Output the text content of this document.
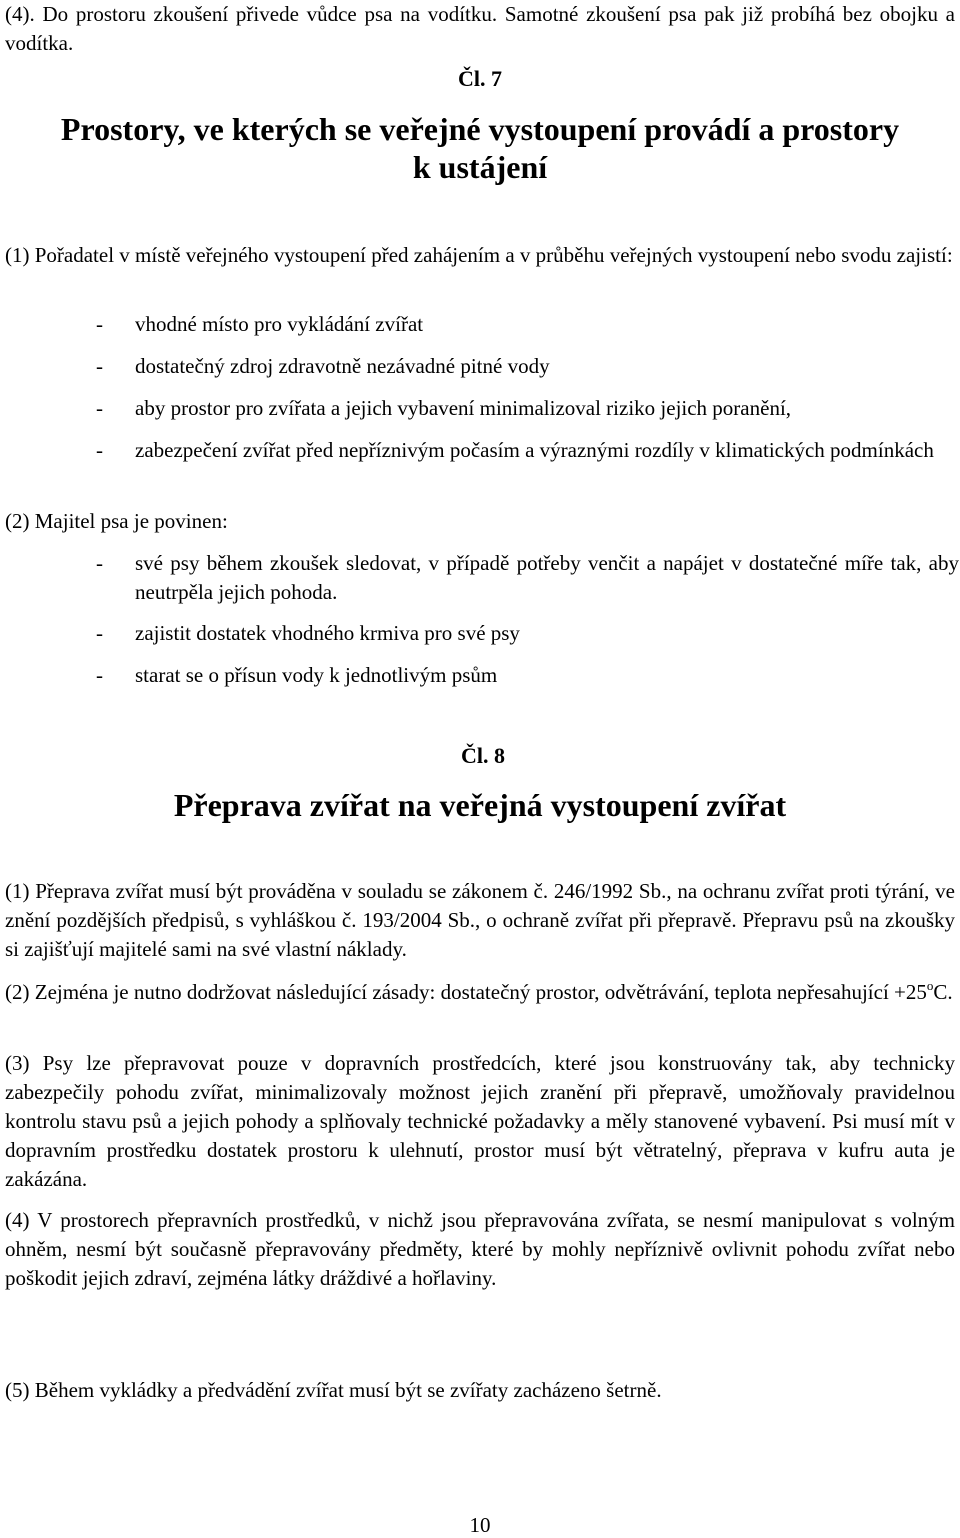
(4). Do prostoru zkoušení přivede vůdce psa na vodítku. Samotné zkoušení psa pak již probíhá bez obojku a vodítka.

Čl. 7
Prostory, ve kterých se veřejné vystoupení provádí a prostory
k ustájení

(1) Pořadatel v místě veřejného vystoupení před zahájením a v průběhu veřejných vystoupení nebo svodu zajistí:

- vhodné místo pro vykládání zvířat
- dostatečný zdroj zdravotně nezávadné pitné vody
- aby prostor pro zvířata a jejich vybavení minimalizoval riziko jejich poranění,
- zabezpečení zvířat před nepříznivým počasím a výraznými rozdíly v klimatických podmínkách

(2) Majitel psa je povinen:

- své psy během zkoušek sledovat, v případě potřeby venčit a napájet v dostatečné míře tak, aby neutrpěla jejich pohoda.
- zajistit dostatek vhodného krmiva pro své psy
- starat se o přísun vody k jednotlivým psům
Čl. 8
Přeprava zvířat na veřejná vystoupení zvířat

(1) Přeprava zvířat musí být prováděna v souladu se zákonem č. 246/1992 Sb., na ochranu zvířat proti týrání, ve znění pozdějších předpisů, s vyhláškou č. 193/2004 Sb., o ochraně zvířat při přepravě. Přepravu psů na zkoušky si zajišťují majitelé sami na své vlastní náklady.

(2) Zejména je nutno dodržovat následující zásady: dostatečný prostor, odvětrávání, teplota nepřesahující $+25^oC$.

(3) Psy lze přepravovat pouze v dopravních prostředcích, které jsou konstruovány tak, aby technicky zabezpečily pohodu zvířat, minimalizovaly možnost jejich zranění při přepravě, umožňovaly pravidelnou kontrolu stavu psů a jejich pohody a splňovaly technické požadavky a měly stanovené vybavení. Psi musí mít v dopravním prostředku dostatek prostoru k ulehnutí, prostor musí být větratelný, přeprava v kufru auta je zakázána.

(4) V prostorech přepravních prostředků, v nichž jsou přepravována zvířata, se nesmí manipulovat s volným ohněm, nesmí být současně přepravovány předměty, které by mohly nepříznivě ovlivnit pohodu zvířat nebo poškodit jejich zdraví, zejména látky dráždivé a hořlaviny.

(5) Během vykládky a předvádění zvířat musí být se zvířaty zacházeno šetrně.

10
